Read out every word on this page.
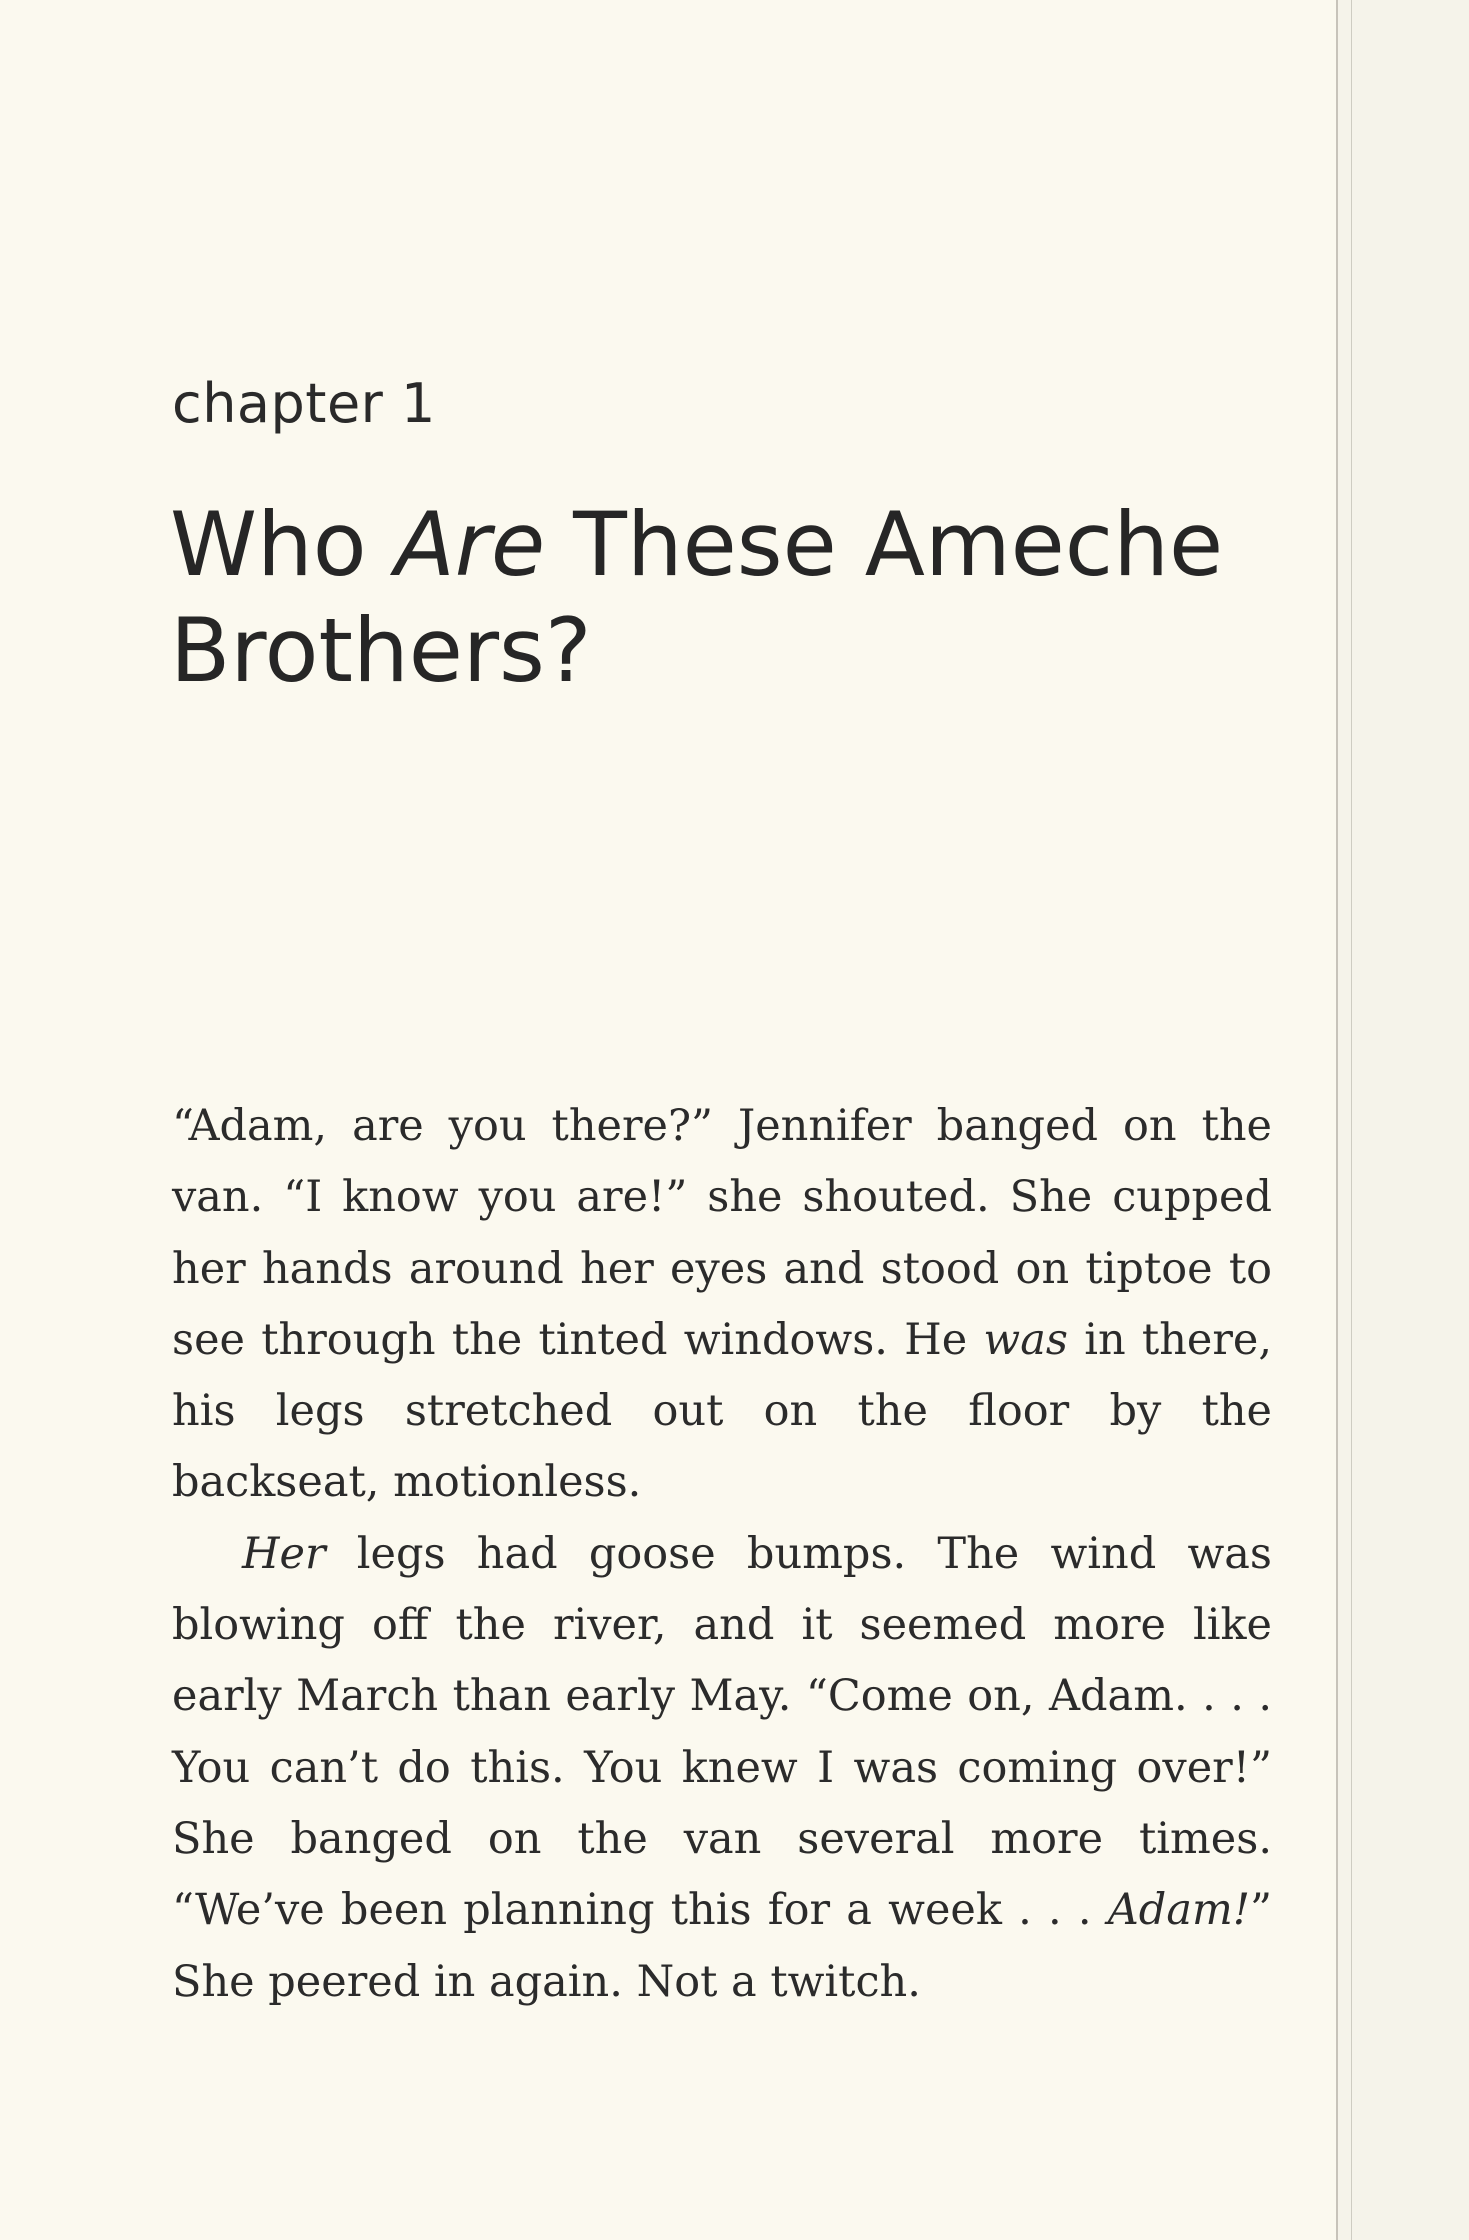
chapter 1
Who Are These Ameche Brothers?

“Adam, are you there?” Jennifer banged on the van. “I know you are!” she shouted. She cupped her hands around her eyes and stood on tiptoe to see through the tinted windows. He was in there, his legs stretched out on the floor by the backseat, motionless.

Her legs had goose bumps. The wind was blowing off the river, and it seemed more like early March than early May. “Come on, Adam. . . . You can’t do this. You knew I was coming over!” She banged on the van several more times. “We’ve been planning this for a week . . . Adam!” She peered in again. Not a twitch.
